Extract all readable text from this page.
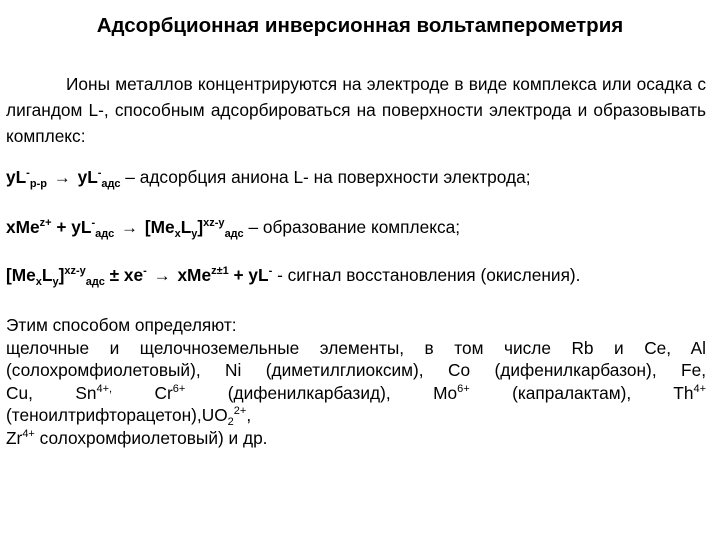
Адсорбционная инверсионная вольтамперометрия
Ионы металлов концентрируются на электроде в виде комплекса или осадка с лигандом L-, способным адсорбироваться на поверхности электрода и образовывать комплекс:
$yL^-_{р-р} \to yL^-_{адс}$ – адсорбция аниона L- на поверхности электрода;
$xMe^{z+} + yL^-_{адс} \to [Me_xL_y]^{xz-y}_{адс}$ – образование комплекса;
$[Me_xL_y]^{xz-y}_{адс} \pm xe^- \to xMe^{z\pm 1} + yL^-$ - сигнал восстановления (окисления).
Этим способом определяют:
щелочные и щелочноземельные элементы, в том числе Rb и Ce, Al
(солохромфиолетовый), Ni (диметилглиоксим), Co (дифенилкарбазон), Fe,
Cu, $Sn^{4+,}$ $Cr^{6+}$ (дифенилкарбазид), $Mo^{6+}$ (капралактам), $Th^{4+}$
$(теноилтрифторацетон),UO_2^{2+}$,
$Zr^{4+}$ солохромфиолетовый) и др.
